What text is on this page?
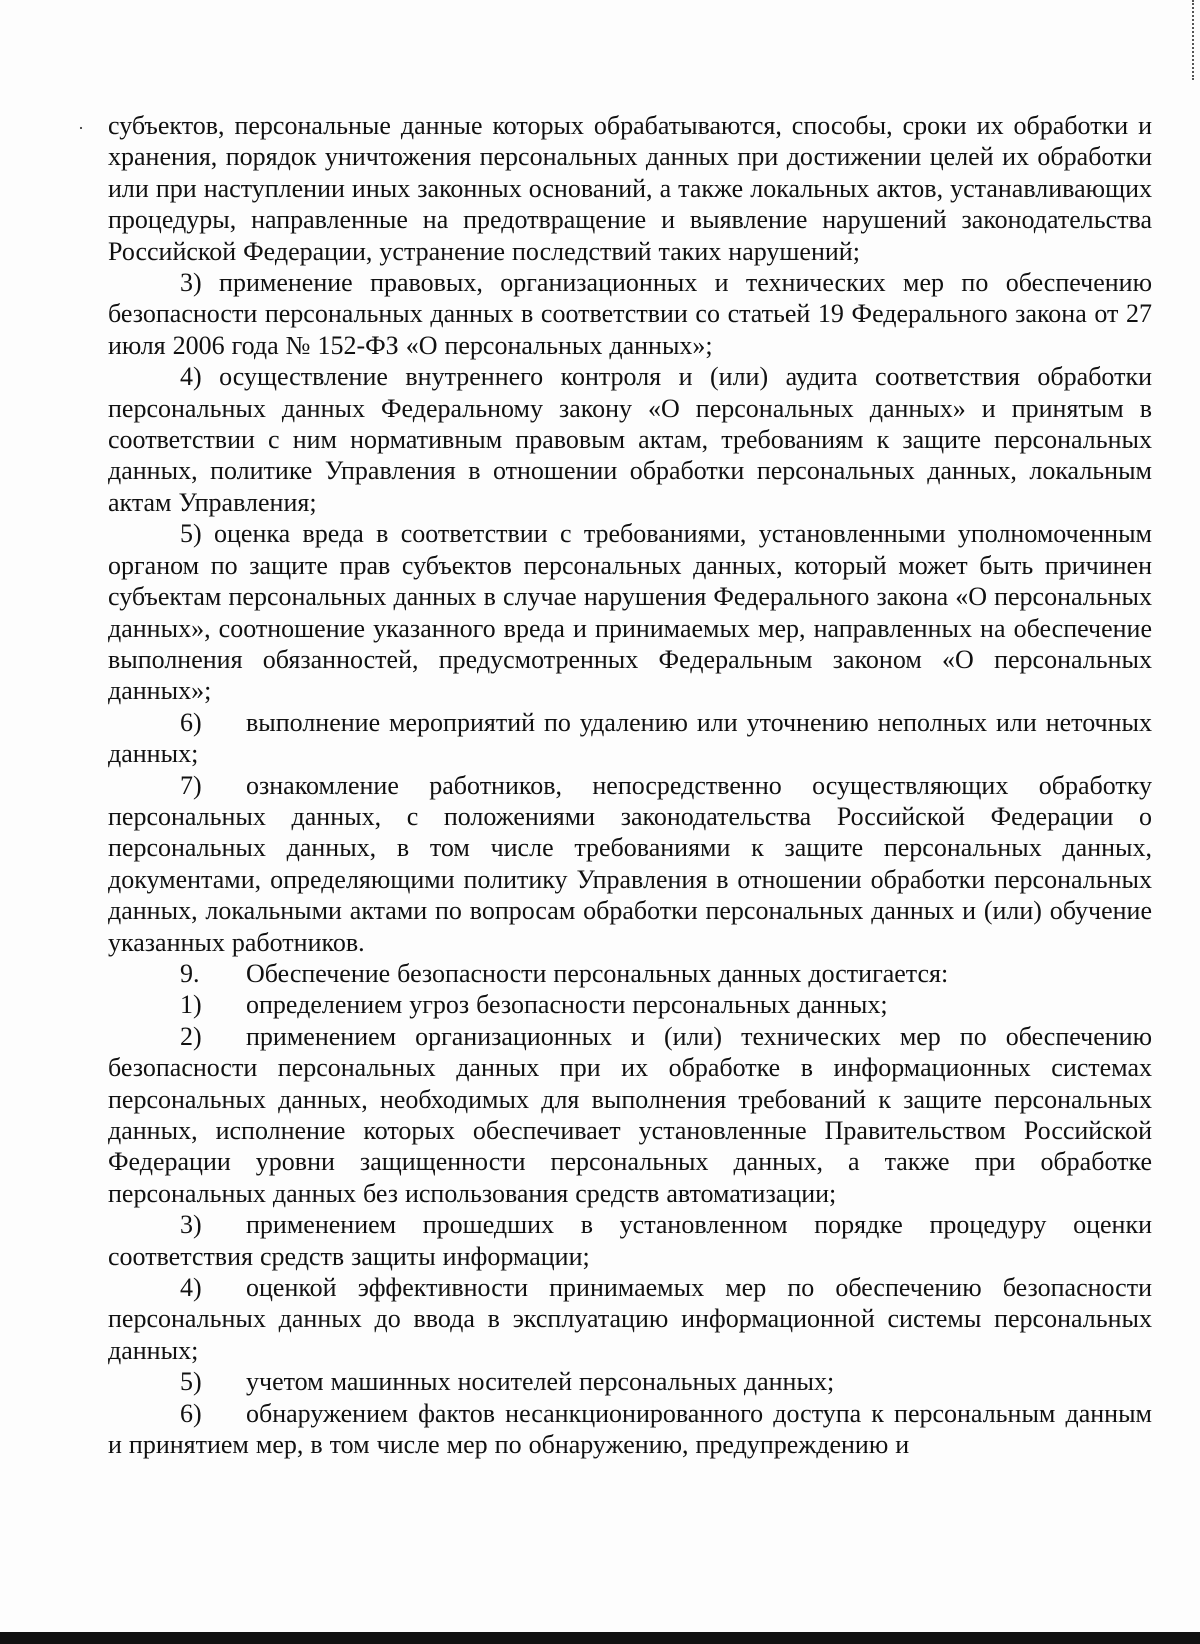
· субъектов, персональные данные которых обрабатываются, способы, сроки их обработки и хранения, порядок уничтожения персональных данных при достижении целей их обработки или при наступлении иных законных оснований, а также локальных актов, устанавливающих процедуры, направленные на предотвращение и выявление нарушений законодательства Российской Федерации, устранение последствий таких нарушений;

3) применение правовых, организационных и технических мер по обеспечению безопасности персональных данных в соответствии со статьей 19 Федерального закона от 27 июля 2006 года № 152-ФЗ «О персональных данных»;

4) осуществление внутреннего контроля и (или) аудита соответствия обработки персональных данных Федеральному закону «О персональных данных» и принятым в соответствии с ним нормативным правовым актам, требованиям к защите персональных данных, политике Управления в отношении обработки персональных данных, локальным актам Управления;

5) оценка вреда в соответствии с требованиями, установленными уполномоченным органом по защите прав субъектов персональных данных, который может быть причинен субъектам персональных данных в случае нарушения Федерального закона «О персональных данных», соотношение указанного вреда и принимаемых мер, направленных на обеспечение выполнения обязанностей, предусмотренных Федеральным законом «О персональных данных»;

6) выполнение мероприятий по удалению или уточнению неполных или неточных данных;

7) ознакомление работников, непосредственно осуществляющих обработку персональных данных, с положениями законодательства Российской Федерации о персональных данных, в том числе требованиями к защите персональных данных, документами, определяющими политику Управления в отношении обработки персональных данных, локальными актами по вопросам обработки персональных данных и (или) обучение указанных работников.

9. Обеспечение безопасности персональных данных достигается:

1) определением угроз безопасности персональных данных;

2) применением организационных и (или) технических мер по обеспечению безопасности персональных данных при их обработке в информационных системах персональных данных, необходимых для выполнения требований к защите персональных данных, исполнение которых обеспечивает установленные Правительством Российской Федерации уровни защищенности персональных данных, а также при обработке персональных данных без использования средств автоматизации;

3) применением прошедших в установленном порядке процедуру оценки соответствия средств защиты информации;

4) оценкой эффективности принимаемых мер по обеспечению безопасности персональных данных до ввода в эксплуатацию информационной системы персональных данных;

5) учетом машинных носителей персональных данных;

6) обнаружением фактов несанкционированного доступа к персональным данным и принятием мер, в том числе мер по обнаружению, предупреждению и
